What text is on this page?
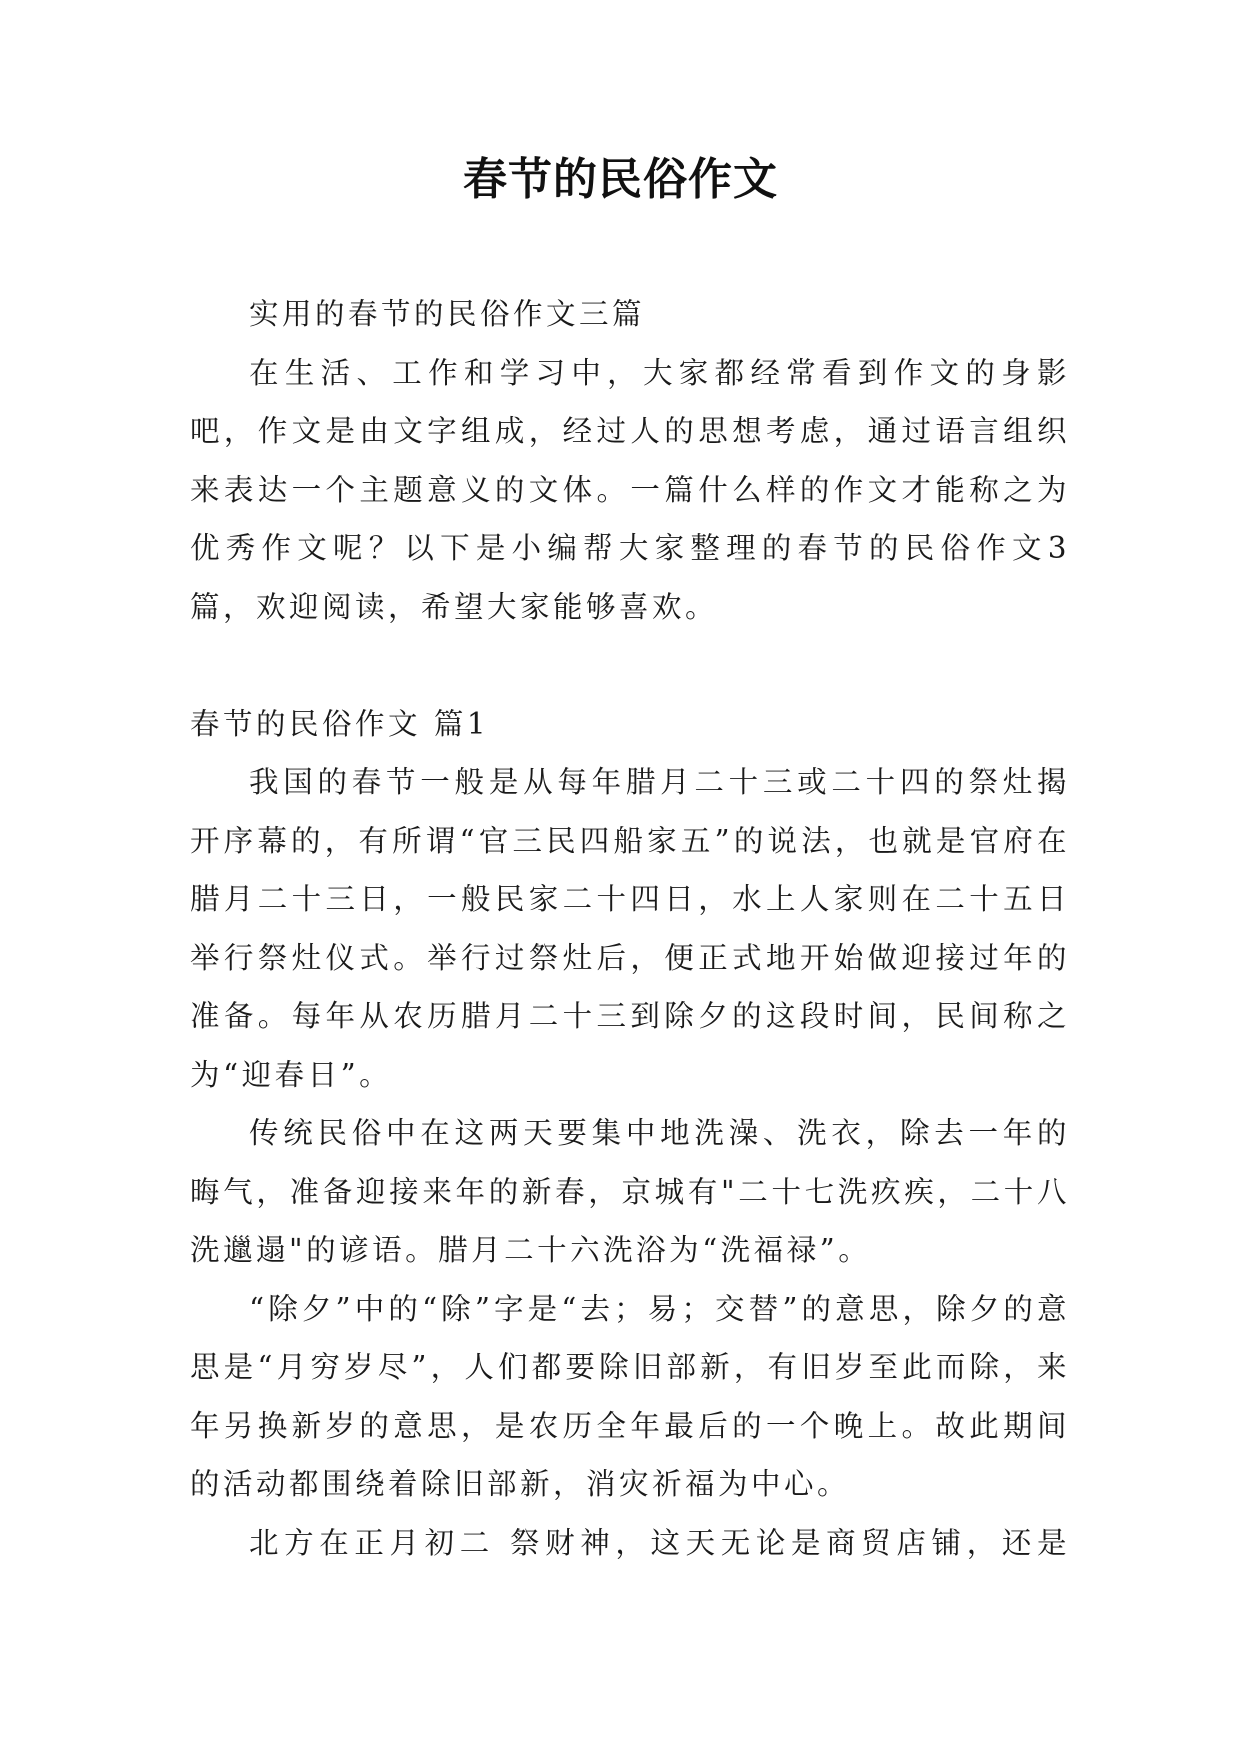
春节的民俗作文

实用的春节的民俗作文三篇

在生活、工作和学习中，大家都经常看到作文的身影吧，作文是由文字组成，经过人的思想考虑，通过语言组织来表达一个主题意义的文体。一篇什么样的作文才能称之为优秀作文呢？以下是小编帮大家整理的春节的民俗作文3篇，欢迎阅读，希望大家能够喜欢。

春节的民俗作文 篇1

我国的春节一般是从每年腊月二十三或二十四的祭灶揭开序幕的，有所谓“官三民四船家五”的说法，也就是官府在腊月二十三日，一般民家二十四日，水上人家则在二十五日举行祭灶仪式。举行过祭灶后，便正式地开始做迎接过年的准备。每年从农历腊月二十三到除夕的这段时间，民间称之为“迎春日”。

传统民俗中在这两天要集中地洗澡、洗衣，除去一年的晦气，准备迎接来年的新春，京城有"二十七洗疚疾，二十八洗邋遢"的谚语。腊月二十六洗浴为“洗福禄”。

“除夕”中的“除”字是“去；易；交替”的意思，除夕的意思是“月穷岁尽”，人们都要除旧部新，有旧岁至此而除，来年另换新岁的意思，是农历全年最后的一个晚上。故此期间的活动都围绕着除旧部新，消灾祈福为中心。

北方在正月初二 祭财神，这天无论是商贸店铺，还是
